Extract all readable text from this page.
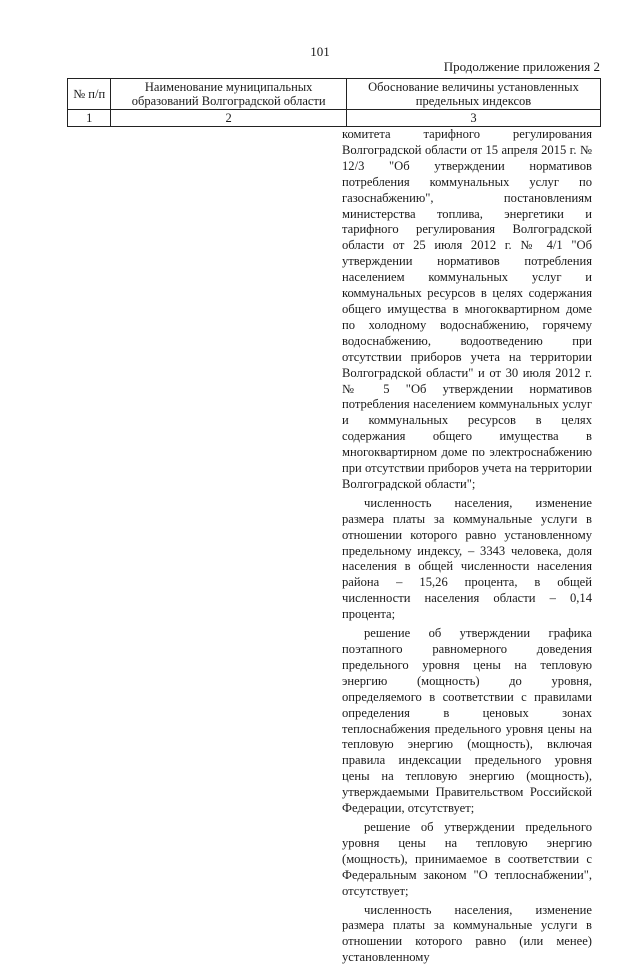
101
Продолжение приложения 2
№ п/п	Наименование муниципальных образований Волгоградской области	Обоснование величины установленных предельных индексов
1	2	3

комитета тарифного регулирования Волгоградской области от 15 апреля 2015 г. № 12/3 "Об утверждении нормативов потребления коммунальных услуг по газоснабжению", постановлениям министерства топлива, энергетики и тарифного регулирования Волгоградской области от 25 июля 2012 г. № 4/1 "Об утверждении нормативов потребления населением коммунальных услуг и коммунальных ресурсов в целях содержания общего имущества в многоквартирном доме по холодному водоснабжению, горячему водоснабжению, водоотведению при отсутствии приборов учета на территории Волгоградской области" и от 30 июля 2012 г. № 5 "Об утверждении нормативов потребления населением коммунальных услуг и коммунальных ресурсов в целях содержания общего имущества в многоквартирном доме по электроснабжению при отсутствии приборов учета на территории Волгоградской области";

численность населения, изменение размера платы за коммунальные услуги в отношении которого равно установленному предельному индексу, – 3343 человека, доля населения в общей численности населения района – 15,26 процента, в общей численности населения области – 0,14 процента;

решение об утверждении графика поэтапного равномерного доведения предельного уровня цены на тепловую энергию (мощность) до уровня, определяемого в соответствии с правилами определения в ценовых зонах теплоснабжения предельного уровня цены на тепловую энергию (мощность), включая правила индексации предельного уровня цены на тепловую энергию (мощность), утверждаемыми Правительством Российской Федерации, отсутствует;

решение об утверждении предельного уровня цены на тепловую энергию (мощность), принимаемое в соответствии с Федеральным законом "О теплоснабжении", отсутствует;

численность населения, изменение размера платы за коммунальные услуги в отношении которого равно (или менее) установленному
